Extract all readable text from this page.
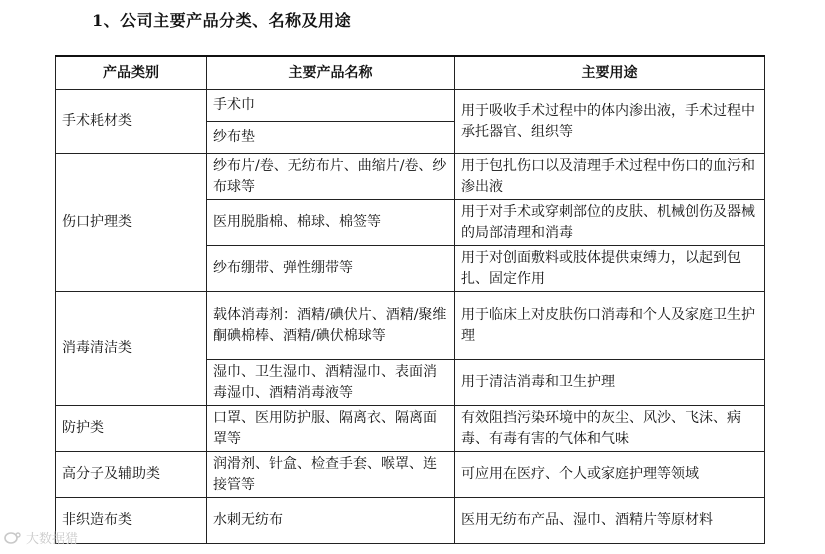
1、公司主要产品分类、名称及用途
产品类别	主要产品名称	主要用途
手术耗材类	手术巾	用于吸收手术过程中的体内渗出液，手术过程中承托器官、组织等
	纱布垫	
伤口护理类	纱布片/卷、无纺布片、曲缩片/卷、纱布球等	用于包扎伤口以及清理手术过程中伤口的血污和渗出液
	医用脱脂棉、棉球、棉签等	用于对手术或穿刺部位的皮肤、机械创伤及器械的局部清理和消毒
	纱布绷带、弹性绷带等	用于对创面敷料或肢体提供束缚力，以起到包扎、固定作用
消毒清洁类	载体消毒剂：酒精/碘伏片、酒精/聚维酮碘棉棒、酒精/碘伏棉球等	用于临床上对皮肤伤口消毒和个人及家庭卫生护理
	湿巾、卫生湿巾、酒精湿巾、表面消毒湿巾、酒精消毒液等	用于清洁消毒和卫生护理
防护类	口罩、医用防护服、隔离衣、隔离面罩等	有效阻挡污染环境中的灰尘、风沙、飞沫、病毒、有毒有害的气体和气味
高分子及辅助类	润滑剂、针盒、检查手套、喉罩、连接管等	可应用在医疗、个人或家庭护理等领域
非织造布类	水刺无纺布	医用无纺布产品、湿巾、酒精片等原材料
大数据猎
